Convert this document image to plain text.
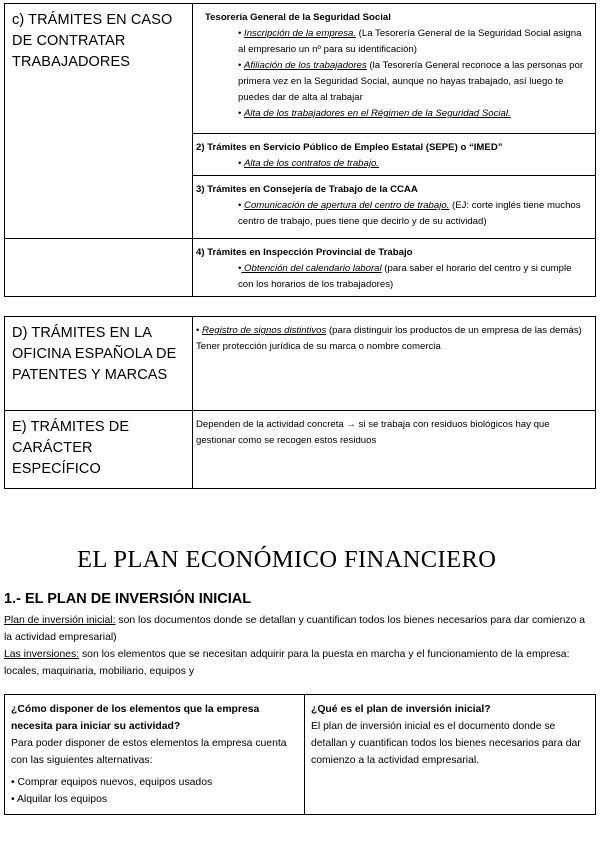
c) TRÁMITES EN CASO DE CONTRATAR TRABAJADORES	Tesorería General de la Seguridad Social

• Inscripción de la empresa. (La Tesorería General de la Seguridad Social asigna al empresario un nº para su identificación)

• Afiliación de los trabajadores (la Tesorería General reconoce a las personas por primera vez en la Seguridad Social, aunque no hayas trabajado, así luego te puedes dar de alta al trabajar

• Alta de los trabajadores en el Régimen de la Seguridad Social.

	2) Trámites en Servicio Público de Empleo Estatal (SEPE) o “IMED”

• Alta de los contratos de trabajo.

	3) Trámites en Consejería de Trabajo de la CCAA

• Comunicación de apertura del centro de trabajo. (EJ: corte inglés tiene muchos centro de trabajo, pues tiene que decirlo y de su actividad)

	4) Trámites en Inspección Provincial de Trabajo

• Obtención del calendario laboral (para saber el horario del centro y si cumple con los horarios de los trabajadores)

D) TRÁMITES EN LA OFICINA ESPAÑOLA DE PATENTES Y MARCAS	• Registro de signos distintivos (para distinguir los productos de un empresa de las demás)

Tener protección jurídica de su marca o nombre comercia

E) TRÁMITES DE CARÁCTER ESPECÍFICO	Dependen de la actividad concreta → si se trabaja con residuos biológicos hay que gestionar como se recogen estos residuos

EL PLAN ECONÓMICO FINANCIERO
1.- EL PLAN DE INVERSIÓN INICIAL

Plan de inversión inicial: son los documentos donde se detallan y cuantifican todos los bienes necesarios para dar comienzo a la actividad empresarial)

Las inversiones: son los elementos que se necesitan adquirir para la puesta en marcha y el funcionamiento de la empresa: locales, maquinaria, mobiliario, equipos y

¿Cómo disponer de los elementos que la empresa necesita para iniciar su actividad?

Para poder disponer de estos elementos la empresa cuenta con las siguientes alternativas:

• Comprar equipos nuevos, equipos usados

• Alquilar los equipos

¿Qué es el plan de inversión inicial?

El plan de inversión inicial es el documento donde se detallan y cuantifican todos los bienes necesarios para dar comienzo a la actividad empresarial.
